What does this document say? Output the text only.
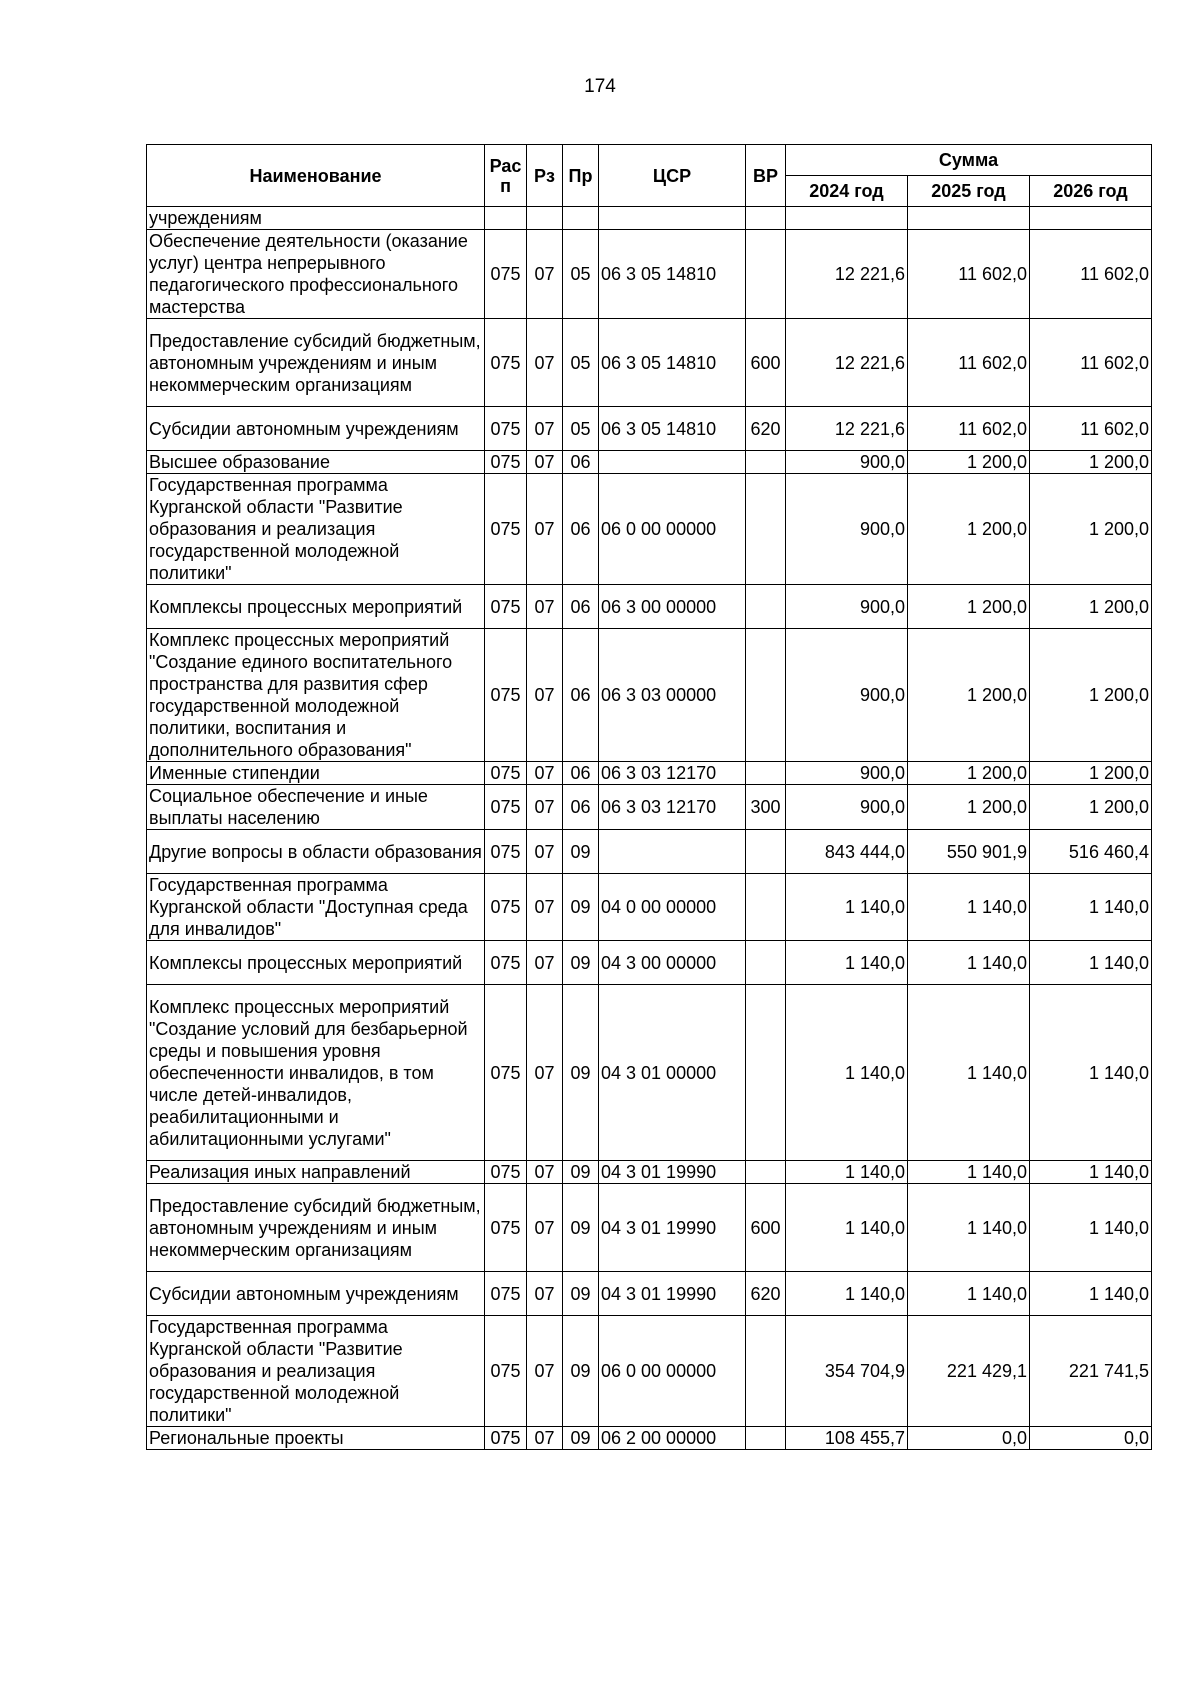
174
Наименование	Рас п	Рз	Пр	ЦСР	ВР	Сумма		
						2024 год	2025 год	2026 год
учреждениям								
Обеспечение деятельности (оказание услуг) центра непрерывного педагогического профессионального мастерства	075	07	05	06 3 05 14810		12 221,6	11 602,0	11 602,0
Предоставление субсидий бюджетным, автономным учреждениям и иным некоммерческим организациям	075	07	05	06 3 05 14810	600	12 221,6	11 602,0	11 602,0
Субсидии автономным учреждениям	075	07	05	06 3 05 14810	620	12 221,6	11 602,0	11 602,0
Высшее образование	075	07	06			900,0	1 200,0	1 200,0
Государственная программа Курганской области "Развитие образования и реализация государственной молодежной политики"	075	07	06	06 0 00 00000		900,0	1 200,0	1 200,0
Комплексы процессных мероприятий	075	07	06	06 3 00 00000		900,0	1 200,0	1 200,0
Комплекс процессных мероприятий "Создание единого воспитательного пространства для развития сфер государственной молодежной политики, воспитания и дополнительного образования"	075	07	06	06 3 03 00000		900,0	1 200,0	1 200,0
Именные стипендии	075	07	06	06 3 03 12170		900,0	1 200,0	1 200,0
Социальное обеспечение и иные выплаты населению	075	07	06	06 3 03 12170	300	900,0	1 200,0	1 200,0
Другие вопросы в области образования	075	07	09			843 444,0	550 901,9	516 460,4
Государственная программа Курганской области "Доступная среда для инвалидов"	075	07	09	04 0 00 00000		1 140,0	1 140,0	1 140,0
Комплексы процессных мероприятий	075	07	09	04 3 00 00000		1 140,0	1 140,0	1 140,0
Комплекс процессных мероприятий "Создание условий для безбарьерной среды и повышения уровня обеспеченности инвалидов, в том числе детей-инвалидов, реабилитационными и абилитационными услугами"	075	07	09	04 3 01 00000		1 140,0	1 140,0	1 140,0
Реализация иных направлений	075	07	09	04 3 01 19990		1 140,0	1 140,0	1 140,0
Предоставление субсидий бюджетным, автономным учреждениям и иным некоммерческим организациям	075	07	09	04 3 01 19990	600	1 140,0	1 140,0	1 140,0
Субсидии автономным учреждениям	075	07	09	04 3 01 19990	620	1 140,0	1 140,0	1 140,0
Государственная программа Курганской области "Развитие образования и реализация государственной молодежной политики"	075	07	09	06 0 00 00000		354 704,9	221 429,1	221 741,5
Региональные проекты	075	07	09	06 2 00 00000		108 455,7	0,0	0,0
